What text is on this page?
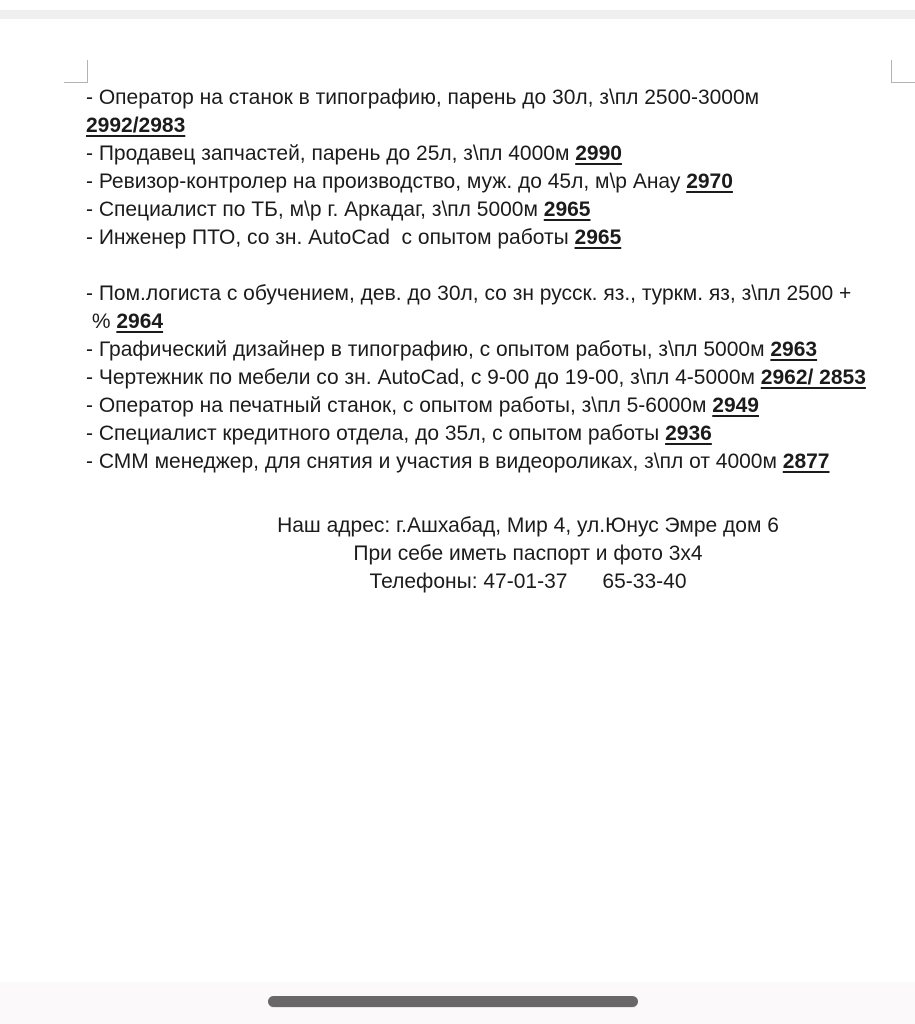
- Оператор на станок в типографию, парень до 30л, з\пл 2500-3000м
2992/2983
- Продавец запчастей, парень до 25л, з\пл 4000м 2990
- Ревизор-контролер на производство, муж. до 45л, м\р Анау 2970
- Специалист по ТБ, м\р г. Аркадаг, з\пл 5000м 2965
- Инженер ПТО, со зн. AutoCad  с опытом работы 2965
- Пом.логиста с обучением, дев. до 30л, со зн русск. яз., туркм. яз, з\пл 2500 +
% 2964
- Графический дизайнер в типографию, с опытом работы, з\пл 5000м 2963
- Чертежник по мебели со зн. AutoCad, с 9-00 до 19-00, з\пл 4-5000м 2962/ 2853
- Оператор на печатный станок, с опытом работы, з\пл 5-6000м 2949
- Специалист кредитного отдела, до 35л, с опытом работы 2936
- СММ менеджер, для снятия и участия в видеороликах, з\пл от 4000м 2877
Наш адрес: г.Ашхабад, Мир 4, ул.Юнус Эмре дом 6
При себе иметь паспорт и фото 3х4
Телефоны: 47-01-37      65-33-40
